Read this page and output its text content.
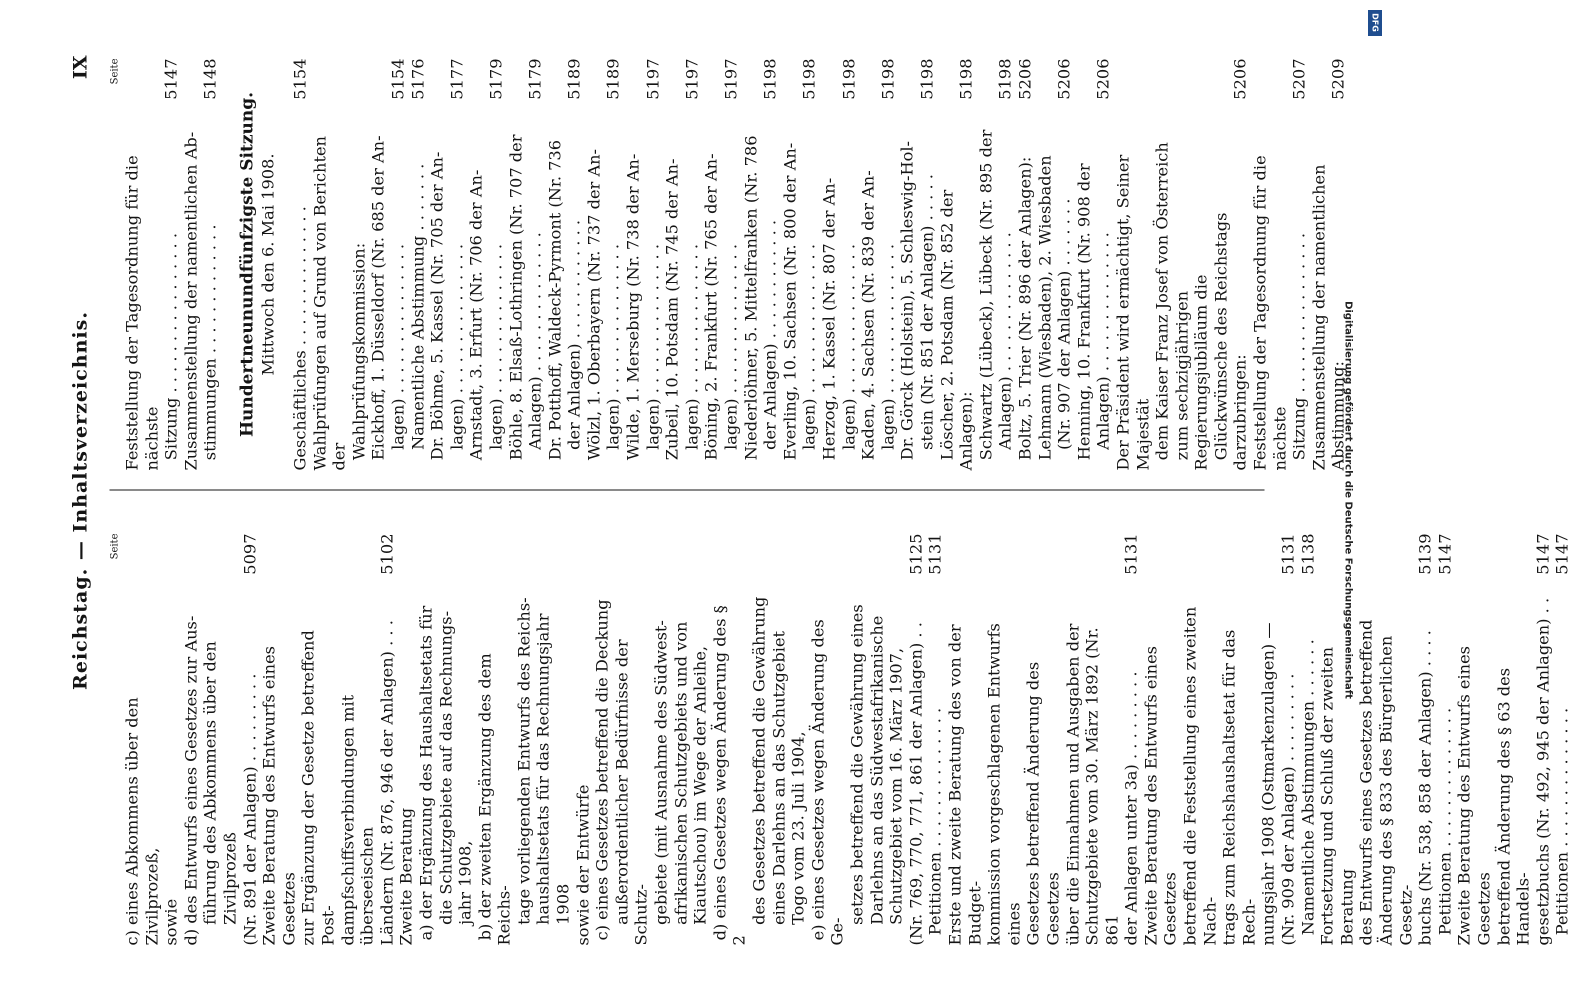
Reichstag. — Inhaltsverzeichnis.
IX
Seite
c) eines Abkommens über den Zivilprozeß,
sowie d) des Entwurfs eines Gesetzes zur Aus-
führung des Abkommens über den
Zivilprozeß
(Nr. 891 der Anlagen) . . . . . . . . .
5097
Zweite Beratung des Entwurfs eines Gesetzes
zur Ergänzung der Gesetze betreffend Post-
dampfschiffsverbindungen mit überseeischen
Ländern (Nr. 876, 946 der Anlagen) . . .
5102
Zweite Beratung
a) der Ergänzung des Haushaltsetats für
die Schutzgebiete auf das Rechnungs-
jahr 1908,
b) der zweiten Ergänzung des dem Reichs-
tage vorliegenden Entwurfs des Reichs-
haushaltsetats für das Rechnungsjahr
1908 sowie der Entwürfe
c) eines Gesetzes betreffend die Deckung
außerordentlicher Bedürfnisse der Schutz-
gebiete (mit Ausnahme des Südwest-
afrikanischen Schutzgebiets und von
Kiautschou) im Wege der Anleihe,
d) eines Gesetzes wegen Änderung des § 2
des Gesetzes betreffend die Gewährung
eines Darlehns an das Schutzgebiet
Togo vom 23. Juli 1904,
e) eines Gesetzes wegen Änderung des Ge-
setzes betreffend die Gewährung eines
Darlehns an das Südwestafrikanische
Schutzgebiet vom 16. März 1907,
(Nr. 769, 770, 771, 861 der Anlagen) . .
5125
Petitionen . . . . . . . . . . . . . .
5131
Erste und zweite Beratung des von der Budget-
kommission vorgeschlagenen Entwurfs eines
Gesetzes betreffend Änderung des Gesetzes
über die Einnahmen und Ausgaben der
Schutzgebiete vom 30. März 1892 (Nr. 861
der Anlagen unter 3a) . . . . . . . . .
5131
Zweite Beratung des Entwurfs eines Gesetzes
betreffend die Feststellung eines zweiten Nach-
trags zum Reichshaushaltsetat für das Rech-
nungsjahr 1908 (Ostmarkenzulagen) —
(Nr. 909 der Anlagen) . . . . . . . . .
5131
Namentliche Abstimmungen . . . . . .
5138
Fortsetzung und Schluß der zweiten Beratung
des Entwurfs eines Gesetzes betreffend
Änderung des § 833 des Bürgerlichen Gesetz-
buchs (Nr. 538, 858 der Anlagen) . . . .
5139
Petitionen . . . . . . . . . . . . . .
5147
Zweite Beratung des Entwurfs eines Gesetzes
betreffend Änderung des § 63 des Handels-
gesetzbuchs (Nr. 492, 945 der Anlagen) . .
5147
Petitionen . . . . . . . . . . . . . .
5147
Seite
Feststellung der Tagesordnung für die nächste
Sitzung . . . . . . . . . . . . . . . .
5147
Zusammenstellung der namentlichen Ab-
stimmungen . . . . . . . . . . . . .
5148
Hundertneunundfünfzigste Sitzung. Mittwoch den 6. Mai 1908. Geschäftliches . . . . . . . . . . . . . .
5154
Wahlprüfungen auf Grund von Berichten der
Wahlprüfungskommission: Eickhoff, 1. Düsseldorf (Nr. 685 der An-
lagen) . . . . . . . . . . . . . . .
5154
Namentliche Abstimmung . . . . . . .
5176
Dr. Böhme, 5. Kassel (Nr. 705 der An-
lagen) . . . . . . . . . . . . . . .
5177
Arnstadt, 3. Erfurt (Nr. 706 der An-
lagen) . . . . . . . . . . . . . . .
5179
Böhle, 8. Elsaß-Lothringen (Nr. 707 der
Anlagen) . . . . . . . . . . . . . .
5179
Dr. Potthoff, Waldeck-Pyrmont (Nr. 736
der Anlagen) . . . . . . . . . . . .
5189
Wölzl, 1. Oberbayern (Nr. 737 der An-
lagen) . . . . . . . . . . . . . . .
5189
Wilde, 1. Merseburg (Nr. 738 der An-
lagen) . . . . . . . . . . . . . . .
5197
Zubeil, 10. Potsdam (Nr. 745 der An-
lagen) . . . . . . . . . . . . . . .
5197
Böning, 2. Frankfurt (Nr. 765 der An-
lagen) . . . . . . . . . . . . . . .
5197
Niederlöhner, 5. Mittelfranken (Nr. 786
der Anlagen) . . . . . . . . . . . .
5198
Everling, 10. Sachsen (Nr. 800 der An-
lagen) . . . . . . . . . . . . . . .
5198
Herzog, 1. Kassel (Nr. 807 der An-
lagen) . . . . . . . . . . . . . . .
5198
Kaden, 4. Sachsen (Nr. 839 der An-
lagen) . . . . . . . . . . . . . . .
5198
Dr. Görck (Holstein), 5. Schleswig-Hol-
stein (Nr. 851 der Anlagen) . . . . .
5198
Löscher, 2. Potsdam (Nr. 852 der Anlagen):
5198
Schwartz (Lübeck), Lübeck (Nr. 895 der
Anlagen) . . . . . . . . . . . . . .
5198
Boltz, 5. Trier (Nr. 896 der Anlagen):
5206
Lehmann (Wiesbaden), 2. Wiesbaden
(Nr. 907 der Anlagen) . . . . . . .
5206
Henning, 10. Frankfurt (Nr. 908 der
Anlagen) . . . . . . . . . . . . . .
5206
Der Präsident wird ermächtigt, Seiner Majestät
dem Kaiser Franz Josef von Österreich
zum sechzigjährigen Regierungsjubiläum die
Glückwünsche des Reichstags darzubringen:
5206
Feststellung der Tagesordnung für die nächste
Sitzung . . . . . . . . . . . . . . . .
5207
Zusammenstellung der namentlichen Abstimmung:
5209
Digitalisierung gefördert durch die Deutsche Forschungsgemeinschaft
DFG
